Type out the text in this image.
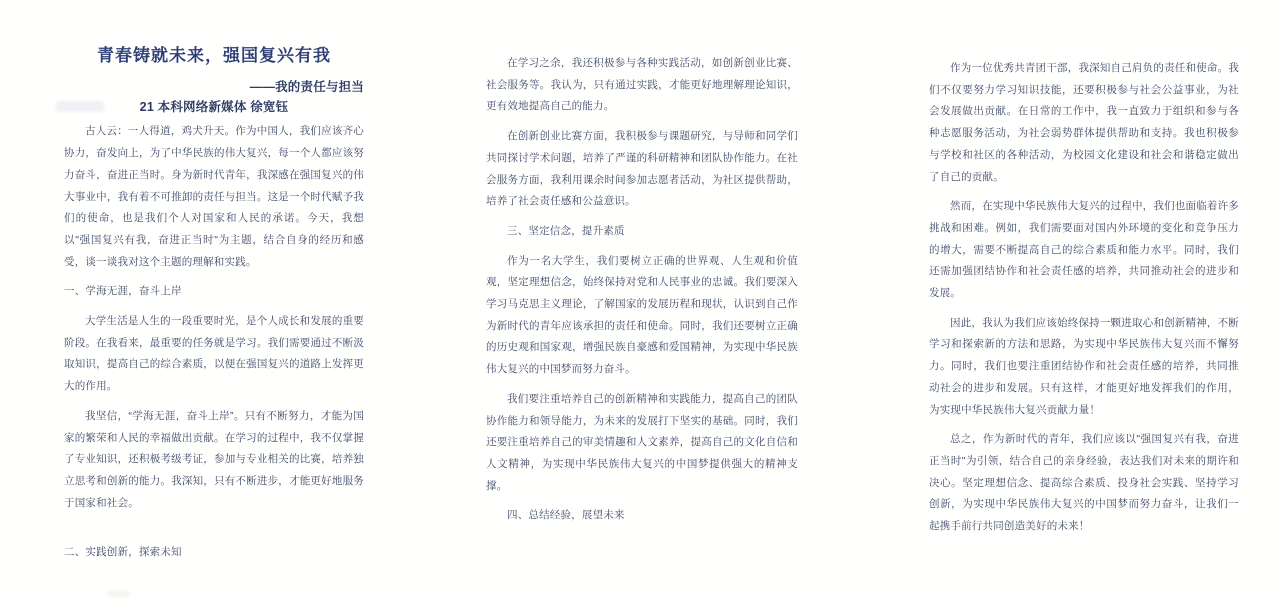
青春铸就未来，强国复兴有我
——我的责任与担当
21 本科网络新媒体 徐宽钰

古人云：一人得道，鸡犬升天。作为中国人，我们应该齐心协力，奋发向上，为了中华民族的伟大复兴，每一个人都应该努力奋斗，奋进正当时。身为新时代青年，我深感在强国复兴的伟大事业中，我有着不可推卸的责任与担当。这是一个时代赋予我们的使命，也是我们个人对国家和人民的承诺。今天，我想以"强国复兴有我，奋进正当时"为主题，结合自身的经历和感受，谈一谈我对这个主题的理解和实践。

一、学海无涯，奋斗上岸

大学生活是人生的一段重要时光，是个人成长和发展的重要阶段。在我看来，最重要的任务就是学习。我们需要通过不断汲取知识，提高自己的综合素质，以便在强国复兴的道路上发挥更大的作用。

我坚信，“学海无涯，奋斗上岸”。只有不断努力，才能为国家的繁荣和人民的幸福做出贡献。在学习的过程中，我不仅掌握了专业知识，还积极考级考证，参加与专业相关的比赛，培养独立思考和创新的能力。我深知，只有不断进步，才能更好地服务于国家和社会。

二、实践创新，探索未知

在学习之余，我还积极参与各种实践活动，如创新创业比赛、社会服务等。我认为，只有通过实践，才能更好地理解理论知识，更有效地提高自己的能力。

在创新创业比赛方面，我积极参与课题研究，与导师和同学们共同探讨学术问题，培养了严谨的科研精神和团队协作能力。在社会服务方面，我利用课余时间参加志愿者活动，为社区提供帮助，培养了社会责任感和公益意识。

三、坚定信念，提升素质

作为一名大学生，我们要树立正确的世界观、人生观和价值观，坚定理想信念，始终保持对党和人民事业的忠诚。我们要深入学习马克思主义理论，了解国家的发展历程和现状，认识到自己作为新时代的青年应该承担的责任和使命。同时，我们还要树立正确的历史观和国家观，增强民族自豪感和爱国精神，为实现中华民族伟大复兴的中国梦而努力奋斗。

我们要注重培养自己的创新精神和实践能力，提高自己的团队协作能力和领导能力，为未来的发展打下坚实的基础。同时，我们还要注重培养自己的审美情趣和人文素养，提高自己的文化自信和人文精神，为实现中华民族伟大复兴的中国梦提供强大的精神支撑。

四、总结经验，展望未来

作为一位优秀共青团干部，我深知自己肩负的责任和使命。我们不仅要努力学习知识技能，还要积极参与社会公益事业，为社会发展做出贡献。在日常的工作中，我一直致力于组织和参与各种志愿服务活动，为社会弱势群体提供帮助和支持。我也积极参与学校和社区的各种活动，为校园文化建设和社会和谐稳定做出了自己的贡献。

然而，在实现中华民族伟大复兴的过程中，我们也面临着许多挑战和困难。例如，我们需要面对国内外环境的变化和竞争压力的增大，需要不断提高自己的综合素质和能力水平。同时，我们还需加强团结协作和社会责任感的培养，共同推动社会的进步和发展。

因此，我认为我们应该始终保持一颗进取心和创新精神，不断学习和探索新的方法和思路，为实现中华民族伟大复兴而不懈努力。同时，我们也要注重团结协作和社会责任感的培养，共同推动社会的进步和发展。只有这样，才能更好地发挥我们的作用，为实现中华民族伟大复兴贡献力量！

总之，作为新时代的青年，我们应该以"强国复兴有我，奋进正当时"为引领，结合自己的亲身经验，表达我们对未来的期许和决心。坚定理想信念、提高综合素质、投身社会实践、坚持学习创新，为实现中华民族伟大复兴的中国梦而努力奋斗，让我们一起携手前行共同创造美好的未来！
